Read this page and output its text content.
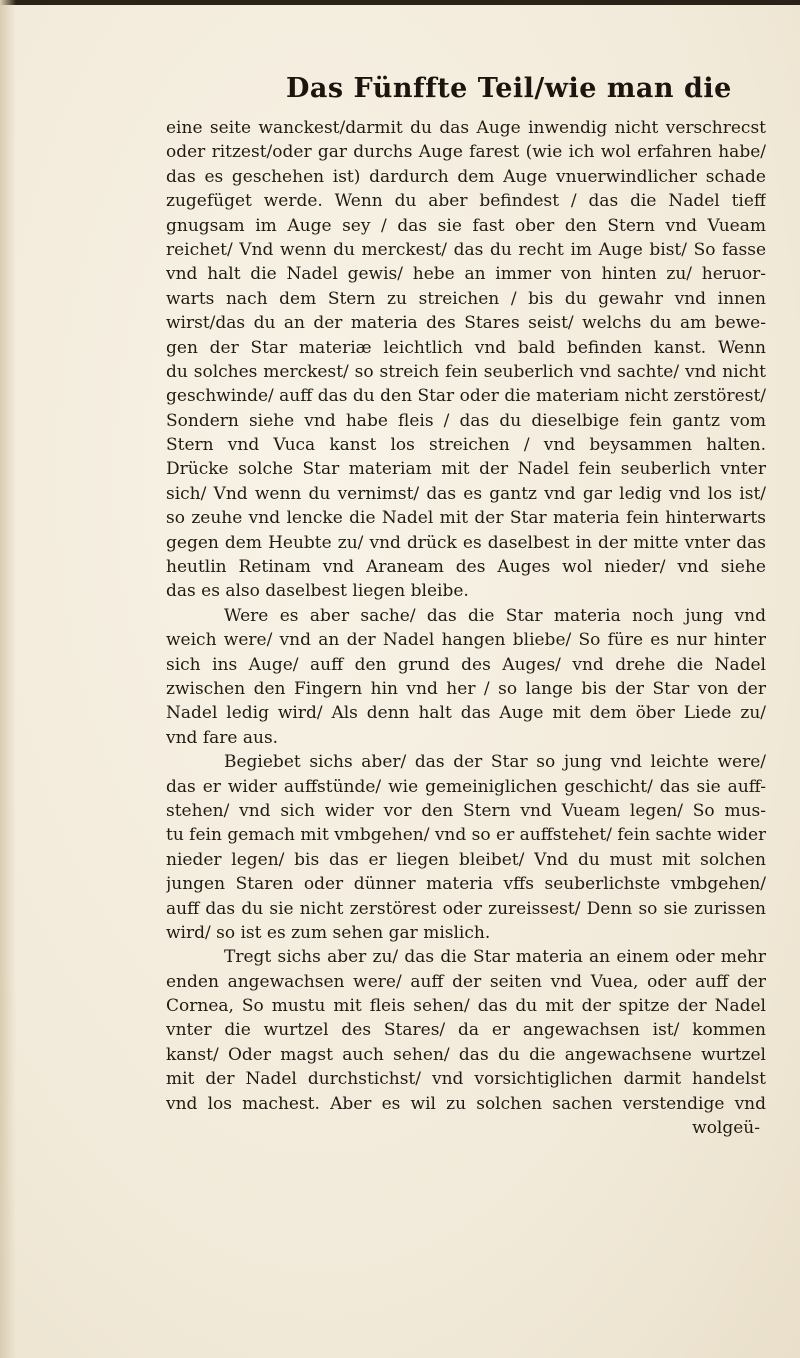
Das Fünffte Teil/wie man die
eine seite wanckest/darmit du das Auge inwendig nicht verschrecst
oder ritzest/oder gar durchs Auge farest (wie ich wol erfahren habe/
das es geschehen ist) dardurch dem Auge vnuerwindlicher schade
zugefüget werde. Wenn du aber befindest / das die Nadel tieff
gnugsam im Auge sey / das sie fast ober den Stern vnd Vueam
reichet/ Vnd wenn du merckest/ das du recht im Auge bist/ So fasse
vnd halt die Nadel gewis/ hebe an immer von hinten zu/ heruor-
warts nach dem Stern zu streichen / bis du gewahr vnd innen
wirst/das du an der materia des Stares seist/ welchs du am bewe-
gen der Star materiæ leichtlich vnd bald befinden kanst. Wenn
du solches merckest/ so streich fein seuberlich vnd sachte/ vnd nicht
geschwinde/ auff das du den Star oder die materiam nicht zerstörest/
Sondern siehe vnd habe fleis / das du dieselbige fein gantz vom
Stern vnd Vuca kanst los streichen / vnd beysammen halten.
Drücke solche Star materiam mit der Nadel fein seuberlich vnter
sich/ Vnd wenn du vernimst/ das es gantz vnd gar ledig vnd los ist/
so zeuhe vnd lencke die Nadel mit der Star materia fein hinterwarts
gegen dem Heubte zu/ vnd drück es daselbest in der mitte vnter das
heutlin Retinam vnd Araneam des Auges wol nieder/ vnd siehe
das es also daselbest liegen bleibe.
Were es aber sache/ das die Star materia noch jung vnd
weich were/ vnd an der Nadel hangen bliebe/ So füre es nur hinter
sich ins Auge/ auff den grund des Auges/ vnd drehe die Nadel
zwischen den Fingern hin vnd her / so lange bis der Star von der
Nadel ledig wird/ Als denn halt das Auge mit dem öber Liede zu/
vnd fare aus.
Begiebet sichs aber/ das der Star so jung vnd leichte were/
das er wider auffstünde/ wie gemeiniglichen geschicht/ das sie auff-
stehen/ vnd sich wider vor den Stern vnd Vueam legen/ So mus-
tu fein gemach mit vmbgehen/ vnd so er auffstehet/ fein sachte wider
nieder legen/ bis das er liegen bleibet/ Vnd du must mit solchen
jungen Staren oder dünner materia vffs seuberlichste vmbgehen/
auff das du sie nicht zerstörest oder zureissest/ Denn so sie zurissen
wird/ so ist es zum sehen gar mislich.
Tregt sichs aber zu/ das die Star materia an einem oder mehr
enden angewachsen were/ auff der seiten vnd Vuea, oder auff der
Cornea, So mustu mit fleis sehen/ das du mit der spitze der Nadel
vnter die wurtzel des Stares/ da er angewachsen ist/ kommen
kanst/ Oder magst auch sehen/ das du die angewachsene wurtzel
mit der Nadel durchstichst/ vnd vorsichtiglichen darmit handelst
vnd los machest. Aber es wil zu solchen sachen verstendige vnd
wolgeü-
